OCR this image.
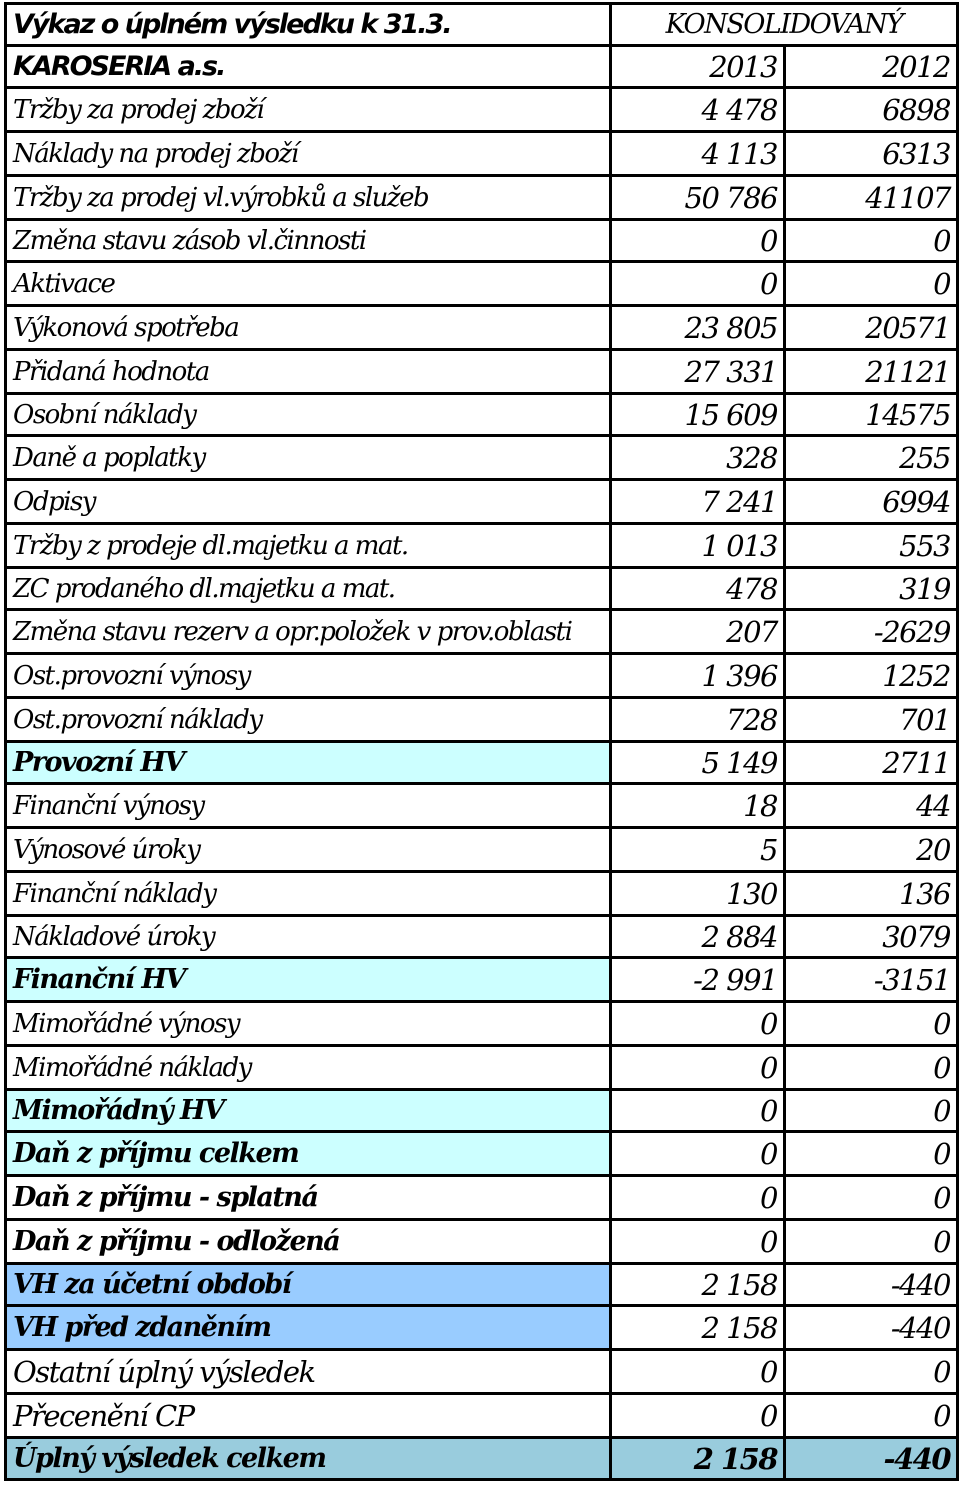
Výkaz o úplném výsledku k 31.3.	KONSOLIDOVANÝ	
KAROSERIA a.s.	2013	2012
Tržby za prodej zboží	4 478	6898
Náklady na prodej zboží	4 113	6313
Tržby za prodej vl.výrobků a služeb	50 786	41107
Změna stavu zásob vl.činnosti	0	0
Aktivace	0	0
Výkonová spotřeba	23 805	20571
Přidaná hodnota	27 331	21121
Osobní náklady	15 609	14575
Daně a poplatky	328	255
Odpisy	7 241	6994
Tržby z prodeje dl.majetku a mat.	1 013	553
ZC prodaného dl.majetku a mat.	478	319
Změna stavu rezerv a opr.položek v prov.oblasti	207	-2629
Ost.provozní výnosy	1 396	1252
Ost.provozní náklady	728	701
Provozní HV	5 149	2711
Finanční výnosy	18	44
Výnosové úroky	5	20
Finanční náklady	130	136
Nákladové úroky	2 884	3079
Finanční HV	-2 991	-3151
Mimořádné výnosy	0	0
Mimořádné náklady	0	0
Mimořádný HV	0	0
Daň z příjmu celkem	0	0
Daň z příjmu - splatná	0	0
Daň z příjmu - odložená	0	0
VH za účetní období	2 158	-440
VH před zdaněním	2 158	-440
Ostatní úplný výsledek	0	0
Přecenění CP	0	0
Úplný výsledek celkem	2 158	-440
